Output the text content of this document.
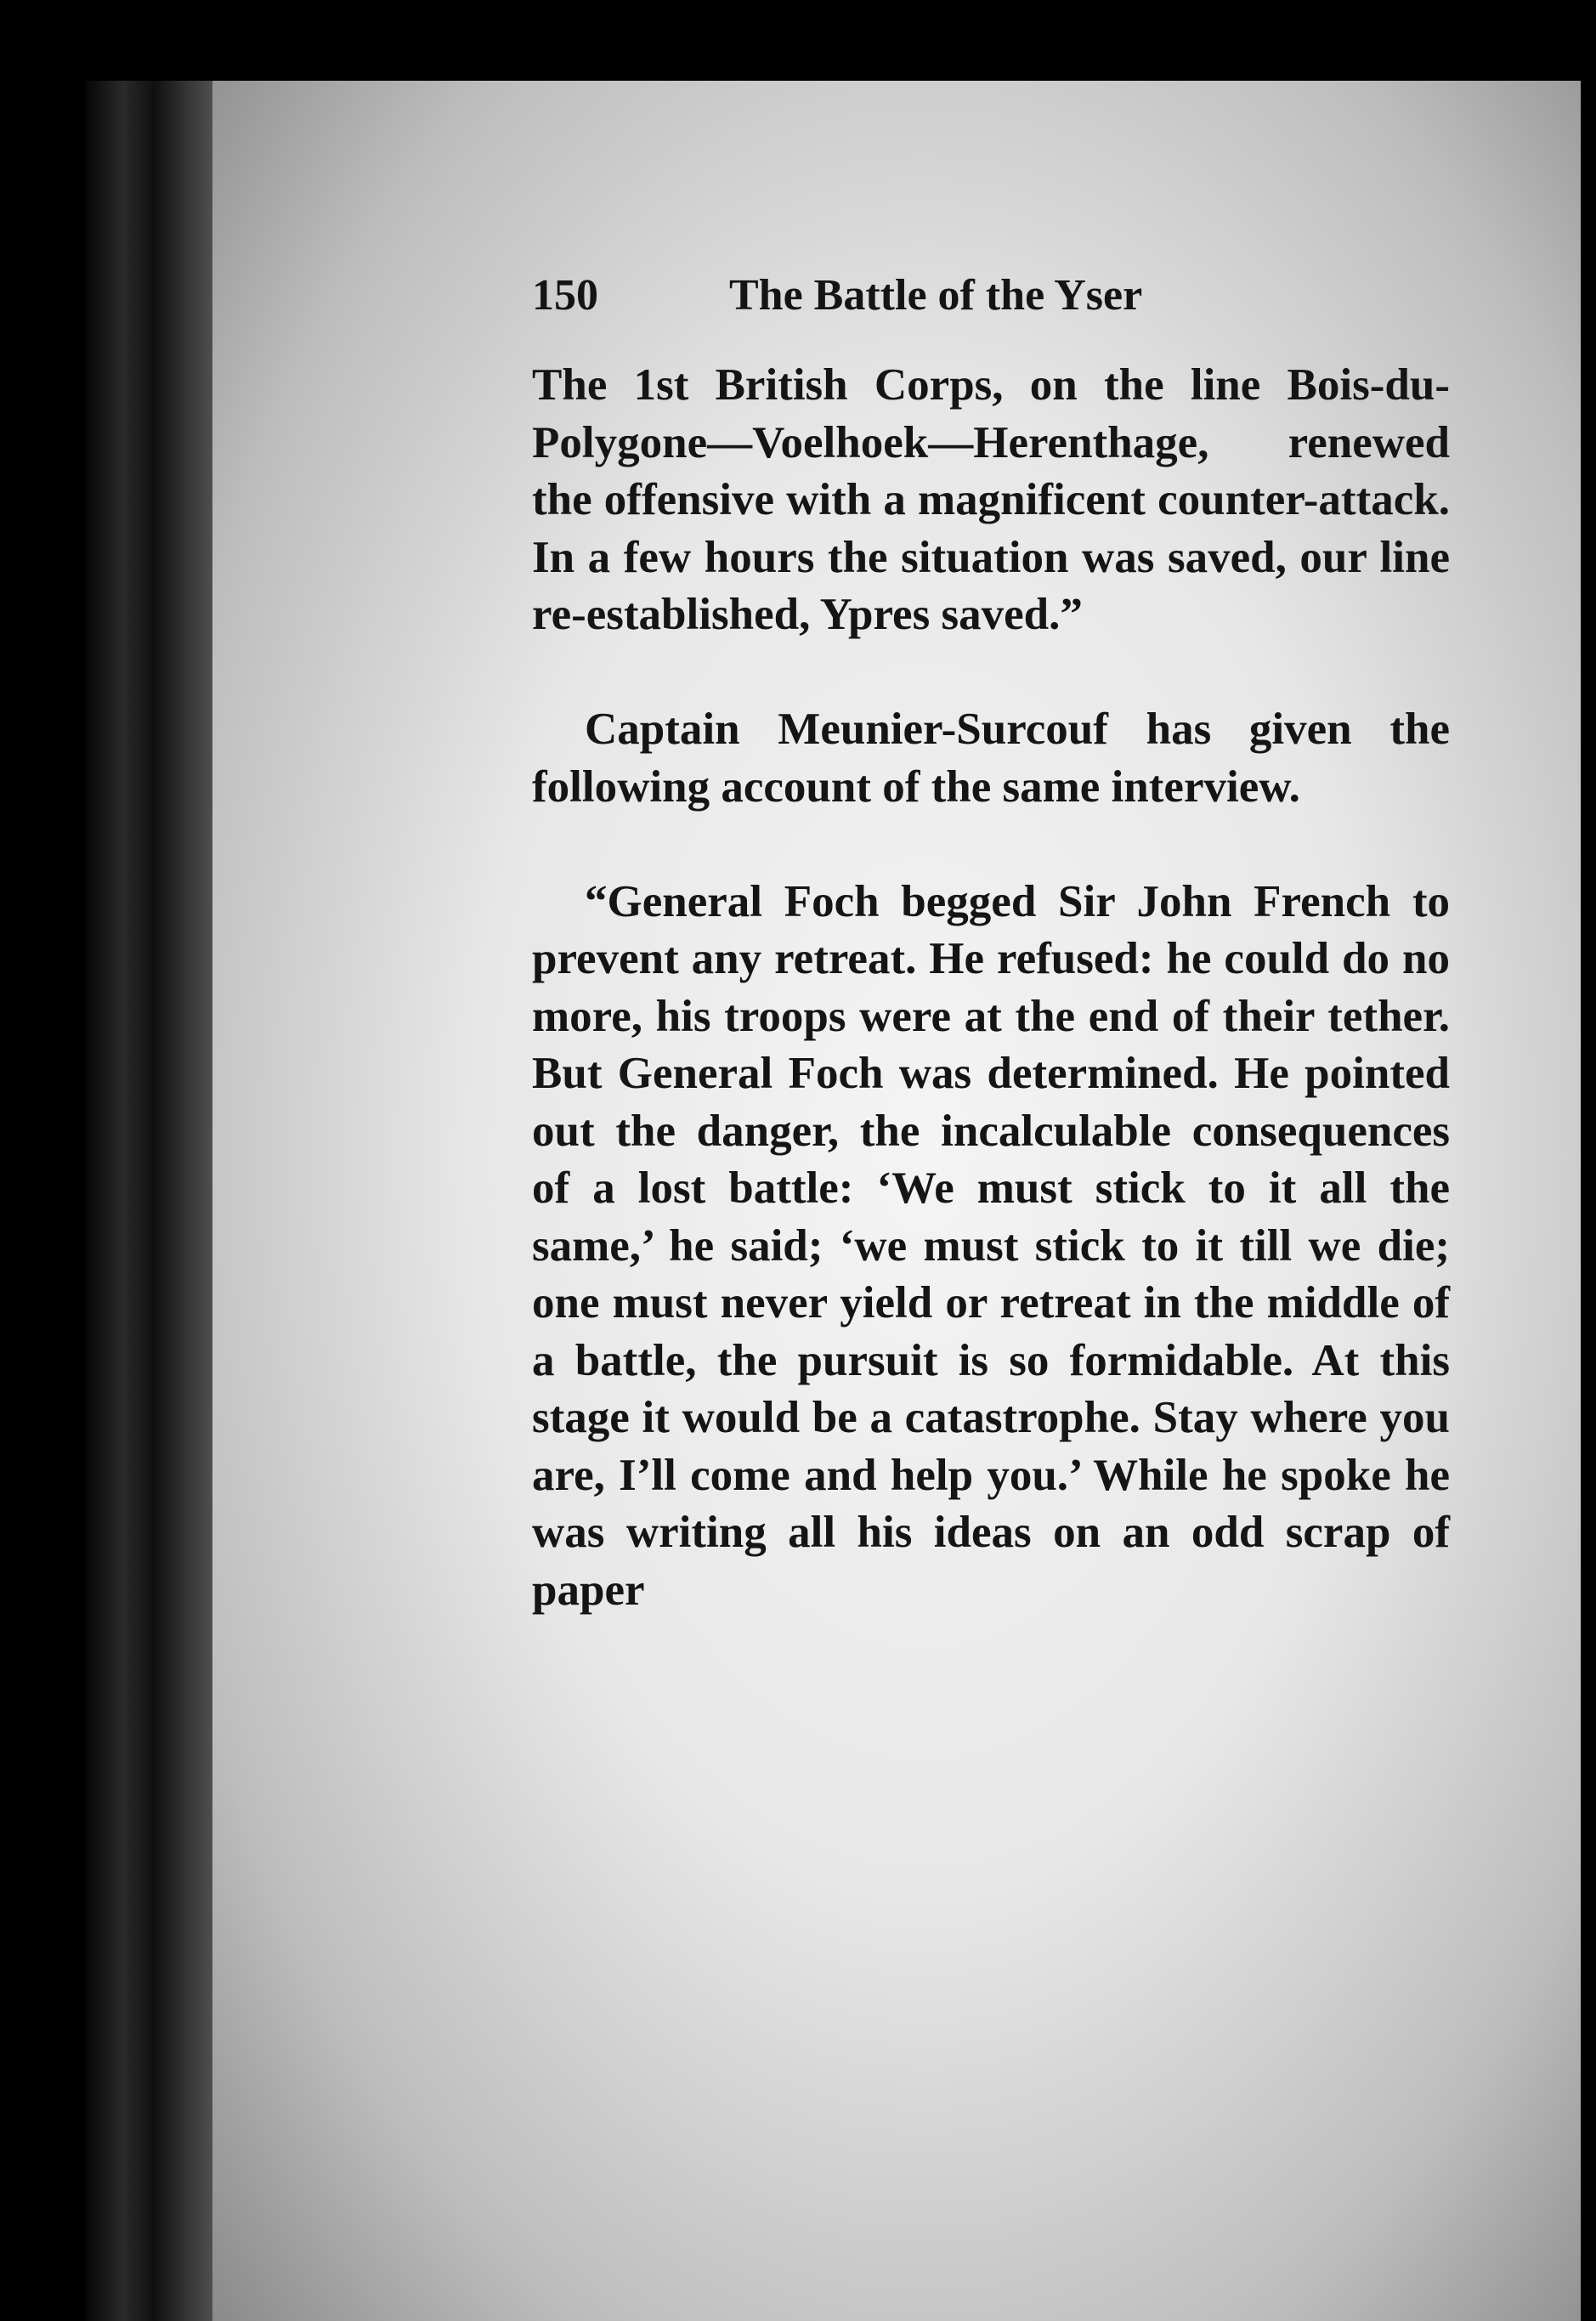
150	The Battle of the Yser

The 1st British Corps, on the line Bois-du-Polygone—Voelhoek—Herenthage, renewed the offensive with a magnificent counter-attack. In a few hours the situation was saved, our line re-established, Ypres saved.”

Captain Meunier-Surcouf has given the following account of the same interview.

“General Foch begged Sir John French to prevent any retreat. He refused: he could do no more, his troops were at the end of their tether. But General Foch was determined. He pointed out the danger, the incalculable consequences of a lost battle: ‘We must stick to it all the same,’ he said; ‘we must stick to it till we die; one must never yield or retreat in the middle of a battle, the pursuit is so formidable. At this stage it would be a catastrophe. Stay where you are, I’ll come and help you.’ While he spoke he was writing all his ideas on an odd scrap of paper
